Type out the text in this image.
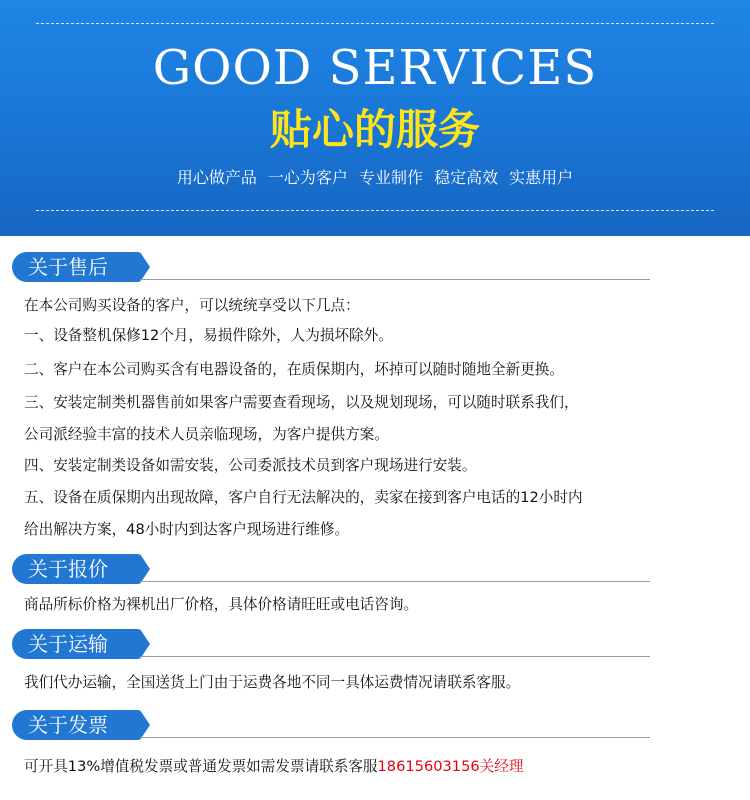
GOOD SERVICES
贴心的服务
用心做产品 一心为客户 专业制作 稳定高效 实惠用户
关于售后
在本公司购买设备的客户，可以统统享受以下几点：
一、设备整机保修12个月，易损件除外，人为损坏除外。
二、客户在本公司购买含有电器设备的，在质保期内，坏掉可以随时随地全新更换。
三、安装定制类机器售前如果客户需要查看现场，以及规划现场，可以随时联系我们，
公司派经验丰富的技术人员亲临现场，为客户提供方案。
四、安装定制类设备如需安装，公司委派技术员到客户现场进行安装。
五、设备在质保期内出现故障，客户自行无法解决的，卖家在接到客户电话的12小时内
给出解决方案，48小时内到达客户现场进行维修。
关于报价
商品所标价格为裸机出厂价格，具体价格请旺旺或电话咨询。
关于运输
我们代办运输，全国送货上门由于运费各地不同一具体运费情况请联系客服。
关于发票
可开具13%增值税发票或普通发票如需发票请联系客服18615603156关经理
